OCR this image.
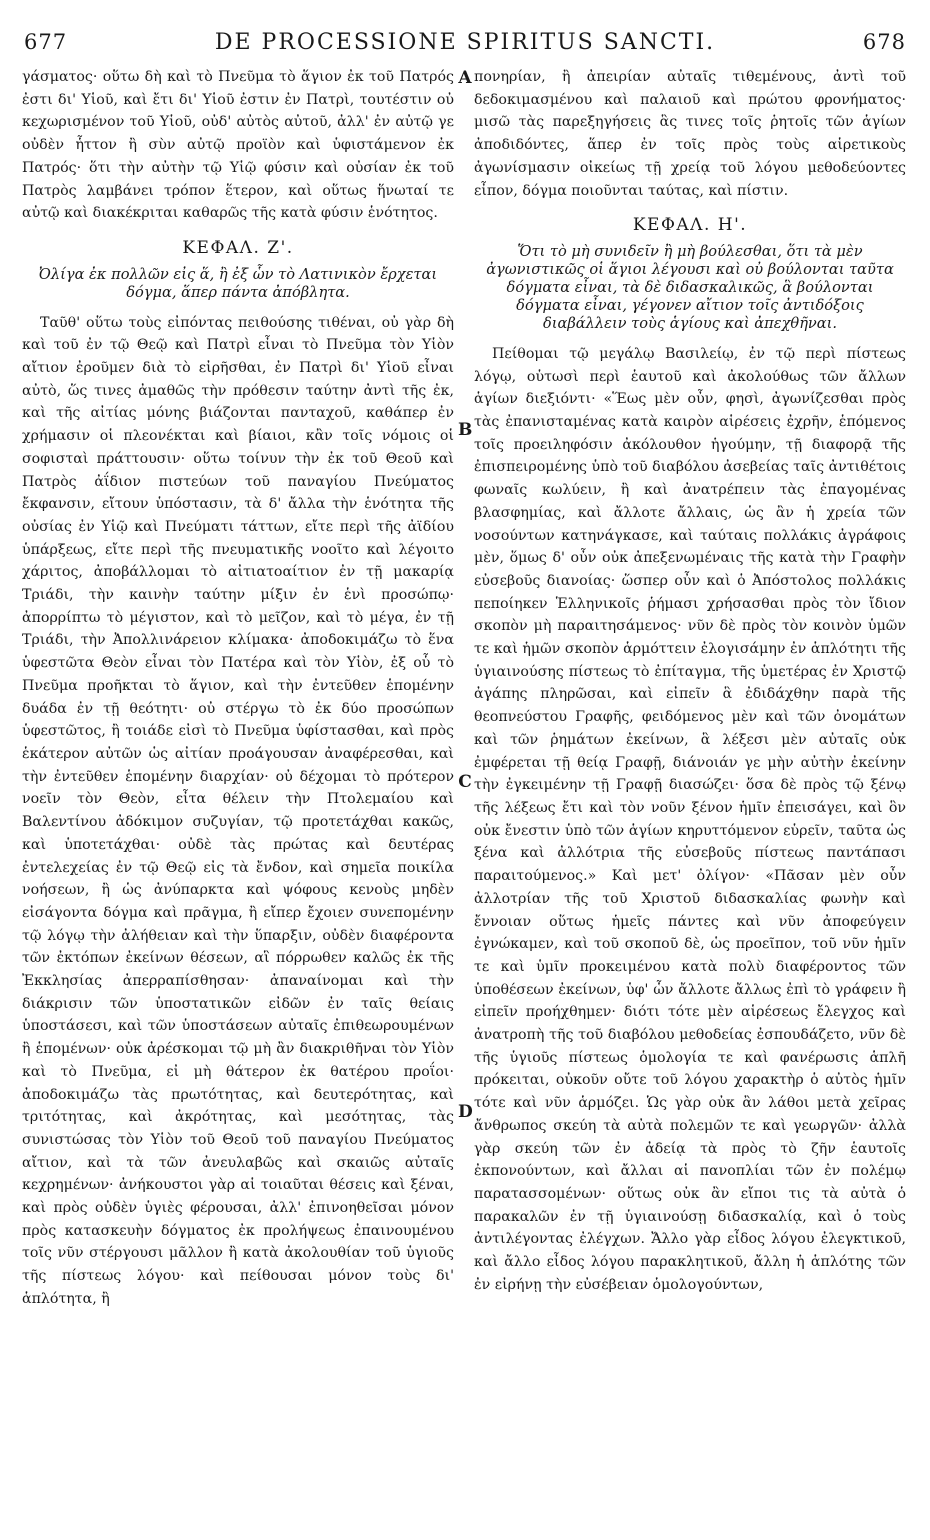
677	DE PROCESSIONE SPIRITUS SANCTI.	678

γάσματος· οὕτω δὴ καὶ τὸ Πνεῦμα τὸ ἅγιον ἐκ τοῦ Πατρός ἐστι δι' Υἱοῦ, καὶ ἔτι δι' Υἱοῦ ἐστιν ἐν Πατρὶ, τουτέστιν οὐ κεχωρισμένον τοῦ Υἱοῦ, οὐδ' αὐτὸς αὐτοῦ, ἀλλ' ἐν αὐτῷ γε οὐδὲν ἧττον ἢ σὺν αὐτῷ προϊὸν καὶ ὑφιστάμενον ἐκ Πατρός· ὅτι τὴν αὐτὴν τῷ Υἱῷ φύσιν καὶ οὐσίαν ἐκ τοῦ Πατρὸς λαμβάνει τρόπον ἕτερον, καὶ οὕτως ἥνωταί τε αὐτῷ καὶ διακέκριται καθαρῶς τῆς κατὰ φύσιν ἑνότητος.

ΚΕΦΑΛ. Ζ'.
Ὀλίγα ἐκ πολλῶν εἰς ἅ, ἢ ἐξ ὧν τὸ Λατινικὸν ἔρχεται δόγμα, ἅπερ πάντα ἀπόβλητα.

Ταῦθ' οὕτω τοὺς εἰπόντας πειθούσης τιθέναι, οὐ γὰρ δὴ καὶ τοῦ ἐν τῷ Θεῷ καὶ Πατρὶ εἶναι τὸ Πνεῦμα τὸν Υἱὸν αἴτιον ἐροῦμεν διὰ τὸ εἰρῆσθαι, ἐν Πατρὶ δι' Υἱοῦ εἶναι αὐτὸ, ὥς τινες ἀμαθῶς τὴν πρόθεσιν ταύτην ἀντὶ τῆς ἐκ, καὶ τῆς αἰτίας μόνης βιάζονται πανταχοῦ, καθάπερ ἐν χρήμασιν οἱ πλεονέκται καὶ βίαιοι, κἂν τοῖς νόμοις οἱ σοφισταὶ πράττουσιν· οὕτω τοίνυν τὴν ἐκ τοῦ Θεοῦ καὶ Πατρὸς ἀΐδιον πιστεύων τοῦ παναγίου Πνεύματος ἔκφανσιν, εἴτουν ὑπόστασιν, τὰ δ' ἄλλα τὴν ἑνότητα τῆς οὐσίας ἐν Υἱῷ καὶ Πνεύματι τάττων, εἴτε περὶ τῆς ἀϊδίου ὑπάρξεως, εἴτε περὶ τῆς πνευματικῆς νοοῖτο καὶ λέγοιτο χάριτος, ἀποβάλλομαι τὸ αἰτιατοαίτιον ἐν τῇ μακαρίᾳ Τριάδι, τὴν καινὴν ταύτην μίξιν ἐν ἑνὶ προσώπῳ· ἀπορρίπτω τὸ μέγιστον, καὶ τὸ μεῖζον, καὶ τὸ μέγα, ἐν τῇ Τριάδι, τὴν Ἀπολλινάρειον κλίμακα· ἀποδοκιμάζω τὸ ἕνα ὑφεστῶτα Θεὸν εἶναι τὸν Πατέρα καὶ τὸν Υἱὸν, ἐξ οὗ τὸ Πνεῦμα προῆκται τὸ ἅγιον, καὶ τὴν ἐντεῦθεν ἑπομένην δυάδα ἐν τῇ θεότητι· οὐ στέργω τὸ ἐκ δύο προσώπων ὑφεστῶτος, ἢ τοιάδε εἰσὶ τὸ Πνεῦμα ὑφίστασθαι, καὶ πρὸς ἑκάτερον αὐτῶν ὡς αἰτίαν προάγουσαν ἀναφέρεσθαι, καὶ τὴν ἐντεῦθεν ἑπομένην διαρχίαν· οὐ δέχομαι τὸ πρότερον νοεῖν τὸν Θεὸν, εἶτα θέλειν τὴν Πτολεμαίου καὶ Βαλεντίνου ἀδόκιμον συζυγίαν, τῷ προτετάχθαι κακῶς, καὶ ὑποτετάχθαι· οὐδὲ τὰς πρώτας καὶ δευτέρας ἐντελεχείας ἐν τῷ Θεῷ εἰς τὰ ἔνδον, καὶ σημεῖα ποικίλα νοήσεων, ἢ ὡς ἀνύπαρκτα καὶ ψόφους κενοὺς μηδὲν εἰσάγοντα δόγμα καὶ πρᾶγμα, ἢ εἴπερ ἔχοιεν συνεπομένην τῷ λόγῳ τὴν ἀλήθειαν καὶ τὴν ὕπαρξιν, οὐδὲν διαφέροντα τῶν ἐκτόπων ἐκείνων θέσεων, αἳ πόρρωθεν καλῶς ἐκ τῆς Ἐκκλησίας ἀπερραπίσθησαν· ἀπαναίνομαι καὶ τὴν διάκρισιν τῶν ὑποστατικῶν εἰδῶν ἐν ταῖς θείαις ὑποστάσεσι, καὶ τῶν ὑποστάσεων αὐταῖς ἐπιθεωρουμένων ἢ ἑπομένων· οὐκ ἀρέσκομαι τῷ μὴ ἂν διακριθῆναι τὸν Υἱὸν καὶ τὸ Πνεῦμα, εἰ μὴ θάτερον ἐκ θατέρου προΐοι· ἀποδοκιμάζω τὰς πρωτότητας, καὶ δευτερότητας, καὶ τριτότητας, καὶ ἀκρότητας, καὶ μεσότητας, τὰς συνιστώσας τὸν Υἱὸν τοῦ Θεοῦ τοῦ παναγίου Πνεύματος αἴτιον, καὶ τὰ τῶν ἀνευλαβῶς καὶ σκαιῶς αὐταῖς κεχρημένων· ἀνήκουστοι γὰρ αἱ τοιαῦται θέσεις καὶ ξέναι, καὶ πρὸς οὐδὲν ὑγιὲς φέρουσαι, ἀλλ' ἐπινοηθεῖσαι μόνον πρὸς κατασκευὴν δόγματος ἐκ προλήψεως ἐπαινουμένου τοῖς νῦν στέργουσι μᾶλλον ἢ κατὰ ἀκολουθίαν τοῦ ὑγιοῦς τῆς πίστεως λόγου· καὶ πείθουσαι μόνον τοὺς δι' ἁπλότητα, ἢ

A
B
C
D

πονηρίαν, ἢ ἀπειρίαν αὐταῖς τιθεμένους, ἀντὶ τοῦ δεδοκιμασμένου καὶ παλαιοῦ καὶ πρώτου φρονήματος· μισῶ τὰς παρεξηγήσεις ἃς τινες τοῖς ῥητοῖς τῶν ἁγίων ἀποδιδόντες, ἅπερ ἐν τοῖς πρὸς τοὺς αἱρετικοὺς ἀγωνίσμασιν οἰκείως τῇ χρείᾳ τοῦ λόγου μεθοδεύοντες εἶπον, δόγμα ποιοῦνται ταύτας, καὶ πίστιν.

ΚΕΦΑΛ. Η'.
Ὅτι τὸ μὴ συνιδεῖν ἢ μὴ βούλεσθαι, ὅτι τὰ μὲν ἀγωνιστικῶς οἱ ἅγιοι λέγουσι καὶ οὐ βούλονται ταῦτα δόγματα εἶναι, τὰ δὲ διδασκαλικῶς, ἃ βούλονται δόγματα εἶναι, γέγονεν αἴτιον τοῖς ἀντιδόξοις διαβάλλειν τοὺς ἁγίους καὶ ἀπεχθῆναι.

Πείθομαι τῷ μεγάλῳ Βασιλείῳ, ἐν τῷ περὶ πίστεως λόγῳ, οὑτωσὶ περὶ ἑαυτοῦ καὶ ἀκολούθως τῶν ἄλλων ἁγίων διεξιόντι· «Ἕως μὲν οὖν, φησὶ, ἀγωνίζεσθαι πρὸς τὰς ἐπανισταμένας κατὰ καιρὸν αἱρέσεις ἐχρῆν, ἑπόμενος τοῖς προειληφόσιν ἀκόλουθον ἡγούμην, τῇ διαφορᾷ τῆς ἐπισπειρομένης ὑπὸ τοῦ διαβόλου ἀσεβείας ταῖς ἀντιθέτοις φωναῖς κωλύειν, ἢ καὶ ἀνατρέπειν τὰς ἐπαγομένας βλασφημίας, καὶ ἄλλοτε ἄλλαις, ὡς ἂν ἡ χρεία τῶν νοσούντων κατηνάγκασε, καὶ ταύταις πολλάκις ἀγράφοις μὲν, ὅμως δ' οὖν οὐκ ἀπεξενωμέναις τῆς κατὰ τὴν Γραφὴν εὐσεβοῦς διανοίας· ὥσπερ οὖν καὶ ὁ Ἀπόστολος πολλάκις πεποίηκεν Ἑλληνικοῖς ῥήμασι χρήσασθαι πρὸς τὸν ἴδιον σκοπὸν μὴ παραιτησάμενος· νῦν δὲ πρὸς τὸν κοινὸν ὑμῶν τε καὶ ἡμῶν σκοπὸν ἁρμόττειν ἐλογισάμην ἐν ἁπλότητι τῆς ὑγιαινούσης πίστεως τὸ ἐπίταγμα, τῆς ὑμετέρας ἐν Χριστῷ ἀγάπης πληρῶσαι, καὶ εἰπεῖν ἃ ἐδιδάχθην παρὰ τῆς θεοπνεύστου Γραφῆς, φειδόμενος μὲν καὶ τῶν ὀνομάτων καὶ τῶν ῥημάτων ἐκείνων, ἃ λέξεσι μὲν αὐταῖς οὐκ ἐμφέρεται τῇ θείᾳ Γραφῇ, διάνοιάν γε μὴν αὐτὴν ἐκείνην τὴν ἐγκειμένην τῇ Γραφῇ διασώζει· ὅσα δὲ πρὸς τῷ ξένῳ τῆς λέξεως ἔτι καὶ τὸν νοῦν ξένον ἡμῖν ἐπεισάγει, καὶ ὃν οὐκ ἔνεστιν ὑπὸ τῶν ἁγίων κηρυττόμενον εὑρεῖν, ταῦτα ὡς ξένα καὶ ἀλλότρια τῆς εὐσεβοῦς πίστεως παντάπασι παραιτούμενος.» Καὶ μετ' ὀλίγον· «Πᾶσαν μὲν οὖν ἀλλοτρίαν τῆς τοῦ Χριστοῦ διδασκαλίας φωνὴν καὶ ἔννοιαν οὕτως ἡμεῖς πάντες καὶ νῦν ἀποφεύγειν ἐγνώκαμεν, καὶ τοῦ σκοποῦ δὲ, ὡς προεῖπον, τοῦ νῦν ἡμῖν τε καὶ ὑμῖν προκειμένου κατὰ πολὺ διαφέροντος τῶν ὑποθέσεων ἐκείνων, ὑφ' ὧν ἄλλοτε ἄλλως ἐπὶ τὸ γράφειν ἢ εἰπεῖν προήχθημεν· διότι τότε μὲν αἱρέσεως ἔλεγχος καὶ ἀνατροπὴ τῆς τοῦ διαβόλου μεθοδείας ἐσπουδάζετο, νῦν δὲ τῆς ὑγιοῦς πίστεως ὁμολογία τε καὶ φανέρωσις ἁπλῆ πρόκειται, οὐκοῦν οὔτε τοῦ λόγου χαρακτὴρ ὁ αὐτὸς ἡμῖν τότε καὶ νῦν ἁρμόζει. Ὡς γὰρ οὐκ ἂν λάθοι μετὰ χεῖρας ἄνθρωπος σκεύη τὰ αὐτὰ πολεμῶν τε καὶ γεωργῶν· ἀλλὰ γὰρ σκεύη τῶν ἐν ἀδείᾳ τὰ πρὸς τὸ ζῆν ἑαυτοῖς ἐκπονούντων, καὶ ἄλλαι αἱ πανοπλίαι τῶν ἐν πολέμῳ παρατασσομένων· οὕτως οὐκ ἂν εἴποι τις τὰ αὐτὰ ὁ παρακαλῶν ἐν τῇ ὑγιαινούσῃ διδασκαλίᾳ, καὶ ὁ τοὺς ἀντιλέγοντας ἐλέγχων. Ἄλλο γὰρ εἶδος λόγου ἐλεγκτικοῦ, καὶ ἄλλο εἶδος λόγου παρακλητικοῦ, ἄλλη ἡ ἁπλότης τῶν ἐν εἰρήνῃ τὴν εὐσέβειαν ὁμολογούντων,
